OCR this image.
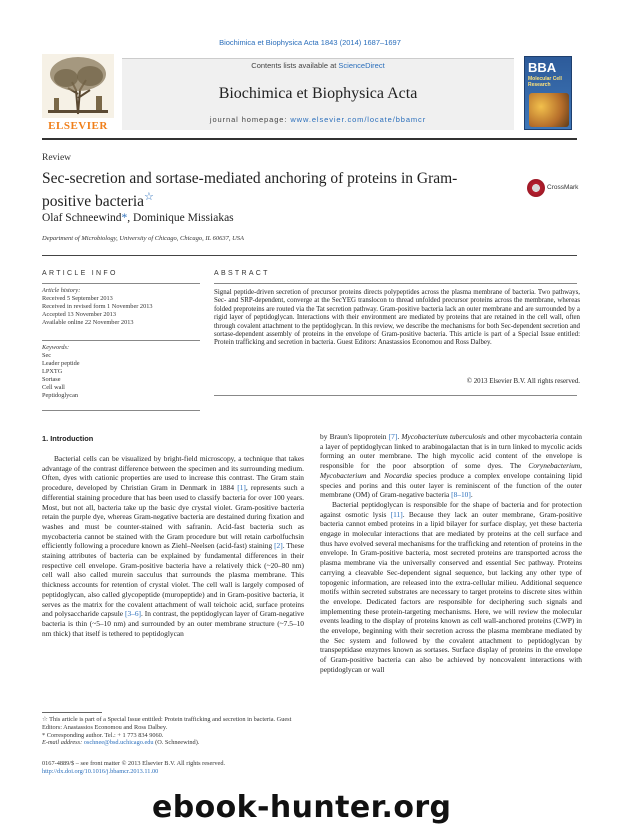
Biochimica et Biophysica Acta 1843 (2014) 1687–1697
ELSEVIER
Contents lists available at ScienceDirect
Biochimica et Biophysica Acta
journal homepage: www.elsevier.com/locate/bbamcr
BBA
Molecular Cell Research
Review
Sec-secretion and sortase-mediated anchoring of proteins in Gram-positive bacteria☆
CrossMark
Olaf Schneewind*, Dominique Missiakas
Department of Microbiology, University of Chicago, Chicago, IL 60637, USA
ARTICLE INFO
Article history:
Received 5 September 2013
Received in revised form 1 November 2013
Accepted 13 November 2013
Available online 22 November 2013
Keywords:
Sec
Leader peptide
LPXTG
Sortase
Cell wall
Peptidoglycan
ABSTRACT
Signal peptide-driven secretion of precursor proteins directs polypeptides across the plasma membrane of bacteria. Two pathways, Sec- and SRP-dependent, converge at the SecYEG translocon to thread unfolded precursor proteins across the membrane, whereas folded preproteins are routed via the Tat secretion pathway. Gram-positive bacteria lack an outer membrane and are surrounded by a rigid layer of peptidoglycan. Interactions with their environment are mediated by proteins that are retained in the cell wall, often through covalent attachment to the peptidoglycan. In this review, we describe the mechanisms for both Sec-dependent secretion and sortase-dependent assembly of proteins in the envelope of Gram-positive bacteria. This article is part of a Special Issue entitled: Protein trafficking and secretion in bacteria. Guest Editors: Anastassios Economou and Ross Dalbey.
© 2013 Elsevier B.V. All rights reserved.
1. Introduction
Bacterial cells can be visualized by bright-field microscopy, a technique that takes advantage of the contrast difference between the specimen and its surrounding medium. Often, dyes with cationic properties are used to increase this contrast. The Gram stain procedure, developed by Christian Gram in Denmark in 1884 [1], represents such a differential staining procedure that has been used to classify bacteria for over 100 years. Most, but not all, bacteria take up the basic dye crystal violet. Gram-positive bacteria retain the purple dye, whereas Gram-negative bacteria are destained during fixation and washes and must be counter-stained with safranin. Acid-fast bacteria such as mycobacteria cannot be stained with the Gram procedure but will retain carbolfuchsin efficiently following a procedure known as Ziehl–Neelsen (acid-fast) staining [2]. These staining attributes of bacteria can be explained by fundamental differences in their respective cell envelope. Gram-positive bacteria have a relatively thick (~20–80 nm) cell wall also called murein sacculus that surrounds the plasma membrane. This thickness accounts for retention of crystal violet. The cell wall is largely composed of peptidoglycan, also called glycopeptide (muropeptide) and in Gram-positive bacteria, it serves as the matrix for the covalent attachment of wall teichoic acid, surface proteins and polysaccharide capsule [3–6]. In contrast, the peptidoglycan layer of Gram-negative bacteria is thin (~5–10 nm) and surrounded by an outer membrane structure (~7.5–10 nm thick) that itself is tethered to peptidoglycan
by Braun's lipoprotein [7]. Mycobacterium tuberculosis and other mycobacteria contain a layer of peptidoglycan linked to arabinogalactan that is in turn linked to mycolic acids forming an outer membrane. The high mycolic acid content of the envelope is responsible for the poor absorption of some dyes. The Corynebacterium, Mycobacterium and Nocardia species produce a complex envelope containing lipid species and porins and this outer layer is reminiscent of the function of the outer membrane (OM) of Gram-negative bacteria [8–10].
Bacterial peptidoglycan is responsible for the shape of bacteria and for protection against osmotic lysis [11]. Because they lack an outer membrane, Gram-positive bacteria cannot embed proteins in a lipid bilayer for surface display, yet these bacteria engage in molecular interactions that are mediated by proteins at the cell surface and thus have evolved several mechanisms for the trafficking and retention of proteins in the envelope. In Gram-positive bacteria, most secreted proteins are transported across the plasma membrane via the universally conserved and essential Sec pathway. Proteins carrying a cleavable Sec-dependent signal sequence, but lacking any other type of topogenic information, are released into the extra-cellular milieu. Additional sequence motifs within secreted substrates are necessary to target proteins to discrete sites within the envelope. Dedicated factors are responsible for deciphering such signals and implementing these protein-targeting mechanisms. Here, we will review the molecular events leading to the display of proteins known as cell wall-anchored proteins (CWP) in the envelope, beginning with their secretion across the plasma membrane mediated by the Sec system and followed by the covalent attachment to peptidoglycan by transpeptidase enzymes known as sortases. Surface display of proteins in the envelope of Gram-positive bacteria can also be achieved by noncovalent interactions with peptidoglycan or wall
☆ This article is part of a Special Issue entitled: Protein trafficking and secretion in bacteria. Guest Editors: Anastassios Economou and Ross Dalbey.
* Corresponding author. Tel.: + 1 773 834 9060.
E-mail address: oschnee@bsd.uchicago.edu (O. Schneewind).
0167-4889/$ – see front matter © 2013 Elsevier B.V. All rights reserved.
http://dx.doi.org/10.1016/j.bbamcr.2013.11.00
ebook-hunter.org
